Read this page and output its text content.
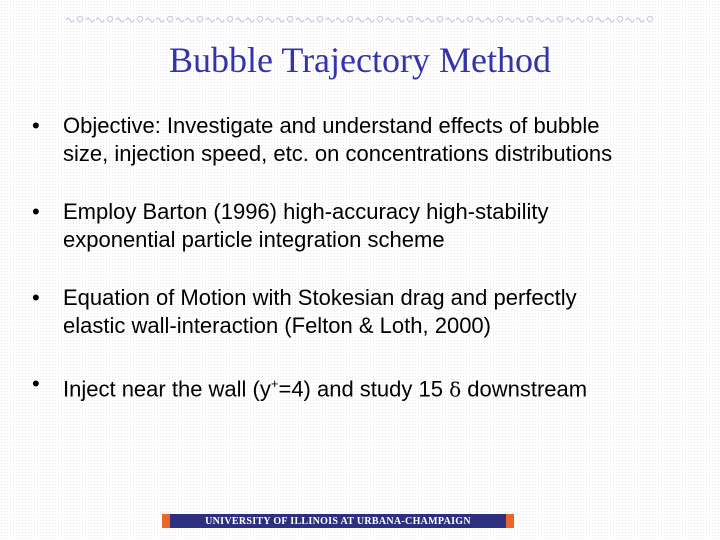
Bubble Trajectory Method
•	Objective: Investigate and understand effects of bubble
size, injection speed, etc. on concentrations distributions
•	Employ Barton (1996) high-accuracy high-stability
exponential particle integration scheme
•	Equation of Motion with Stokesian drag and perfectly
elastic wall-interaction (Felton & Loth, 2000)
•	Inject near the wall (y+=4) and study 15 δ downstream
UNIVERSITY OF ILLINOIS AT URBANA-CHAMPAIGN
